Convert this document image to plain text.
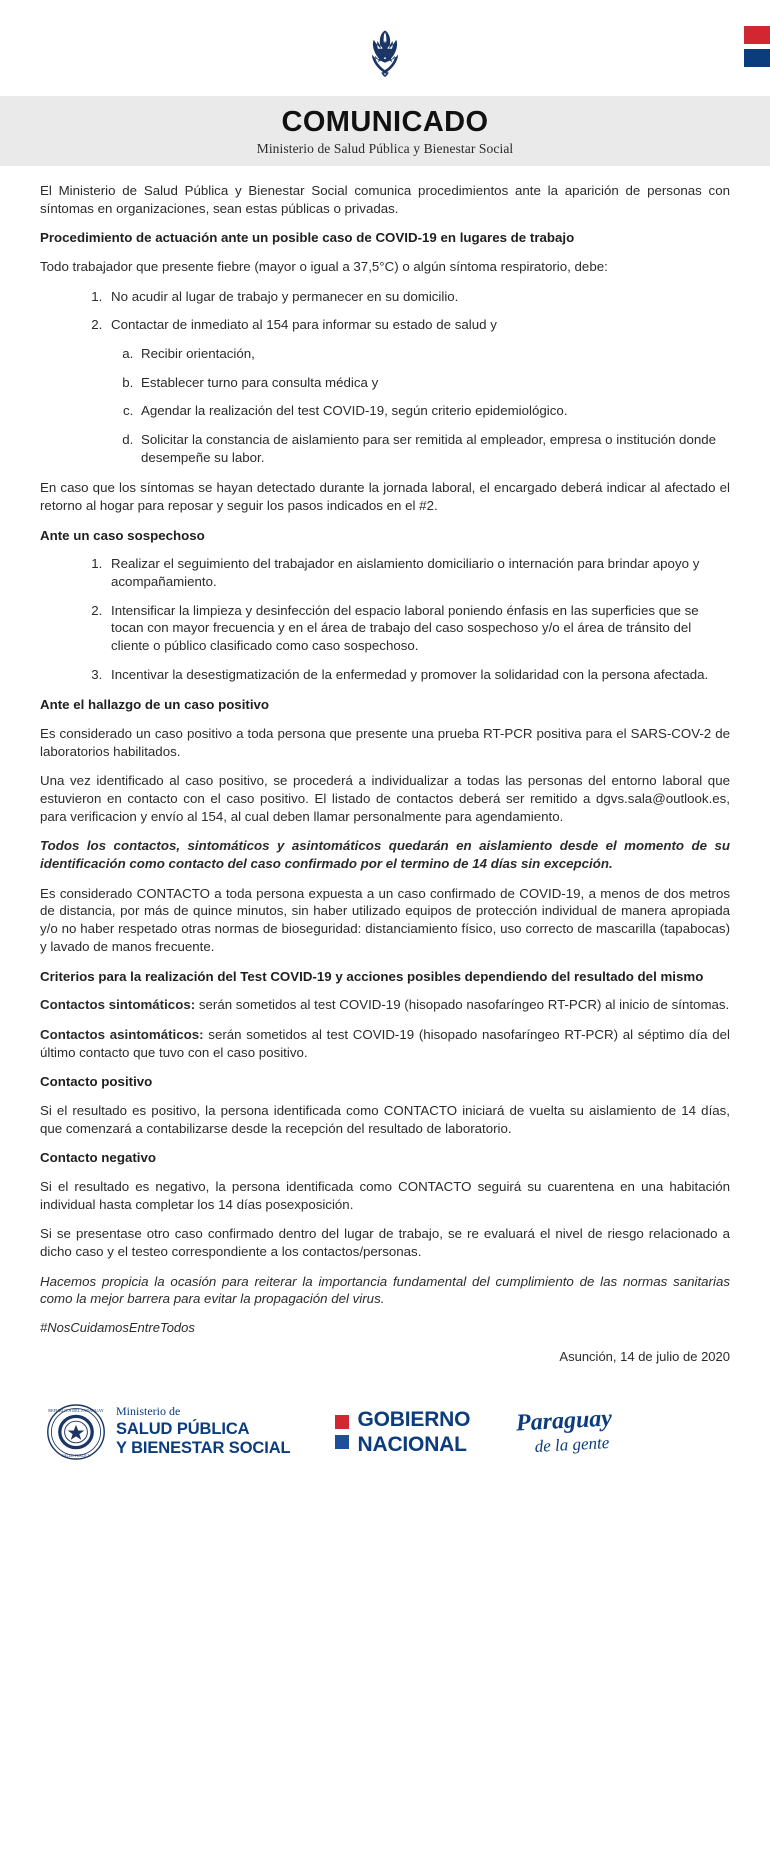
COMUNICADO
Ministerio de Salud Pública y Bienestar Social

El Ministerio de Salud Pública y Bienestar Social comunica procedimientos ante la aparición de personas con síntomas en organizaciones, sean estas públicas o privadas.

Procedimiento de actuación ante un posible caso de COVID-19 en lugares de trabajo

Todo trabajador que presente fiebre (mayor o igual a 37,5°C) o algún síntoma respiratorio, debe:

1. No acudir al lugar de trabajo y permanecer en su domicilio.
2. Contactar de inmediato al 154 para informar su estado de salud y
a. Recibir orientación,
b. Establecer turno para consulta médica y
c. Agendar la realización del test COVID-19, según criterio epidemiológico.
d. Solicitar la constancia de aislamiento para ser remitida al empleador, empresa o institución donde desempeñe su labor.

En caso que los síntomas se hayan detectado durante la jornada laboral, el encargado deberá indicar al afectado el retorno al hogar para reposar y seguir los pasos indicados en el #2.

Ante un caso sospechoso
1. Realizar el seguimiento del trabajador en aislamiento domiciliario o internación para brindar apoyo y acompañamiento.
2. Intensificar la limpieza y desinfección del espacio laboral poniendo énfasis en las superficies que se tocan con mayor frecuencia y en el área de trabajo del caso sospechoso y/o el área de tránsito del cliente o público clasificado como caso sospechoso.
3. Incentivar la desestigmatización de la enfermedad y promover la solidaridad con la persona afectada.
Ante el hallazgo de un caso positivo

Es considerado un caso positivo a toda persona que presente una prueba RT-PCR positiva para el SARS-COV-2 de laboratorios habilitados.

Una vez identificado al caso positivo, se procederá a individualizar a todas las personas del entorno laboral que estuvieron en contacto con el caso positivo. El listado de contactos deberá ser remitido a dgvs.sala@outlook.es, para verificacion y envío al 154, al cual deben llamar personalmente para agendamiento.

Todos los contactos, sintomáticos y asintomáticos quedarán en aislamiento desde el momento de su identificación como contacto del caso confirmado por el termino de 14 días sin excepción.

Es considerado CONTACTO a toda persona expuesta a un caso confirmado de COVID-19, a menos de dos metros de distancia, por más de quince minutos, sin haber utilizado equipos de protección individual de manera apropiada y/o no haber respetado otras normas de bioseguridad: distanciamiento físico, uso correcto de mascarilla (tapabocas) y lavado de manos frecuente.

Criterios para la realización del Test COVID-19 y acciones posibles dependiendo del resultado del mismo

Contactos sintomáticos: serán sometidos al test COVID-19 (hisopado nasofaríngeo RT-PCR) al inicio de síntomas.

Contactos asintomáticos: serán sometidos al test COVID-19 (hisopado nasofaríngeo RT-PCR) al séptimo día del último contacto que tuvo con el caso positivo.

Contacto positivo

Si el resultado es positivo, la persona identificada como CONTACTO iniciará de vuelta su aislamiento de 14 días, que comenzará a contabilizarse desde la recepción del resultado de laboratorio.

Contacto negativo

Si el resultado es negativo, la persona identificada como CONTACTO seguirá su cuarentena en una habitación individual hasta completar los 14 días posexposición.

Si se presentase otro caso confirmado dentro del lugar de trabajo, se re evaluará el nivel de riesgo relacionado a dicho caso y el testeo correspondiente a los contactos/personas.

Hacemos propicia la ocasión para reiterar la importancia fundamental del cumplimiento de las normas sanitarias como la mejor barrera para evitar la propagación del virus.

#NosCuidamosEntreTodos

Asunción, 14 de julio de 2020

REPUBLICA DEL PARAGUAY
SALUD PUBLICA
Ministerio de
SALUD PÚBLICA
Y BIENESTAR SOCIAL
GOBIERNO
NACIONAL
Paraguay
de la gente
